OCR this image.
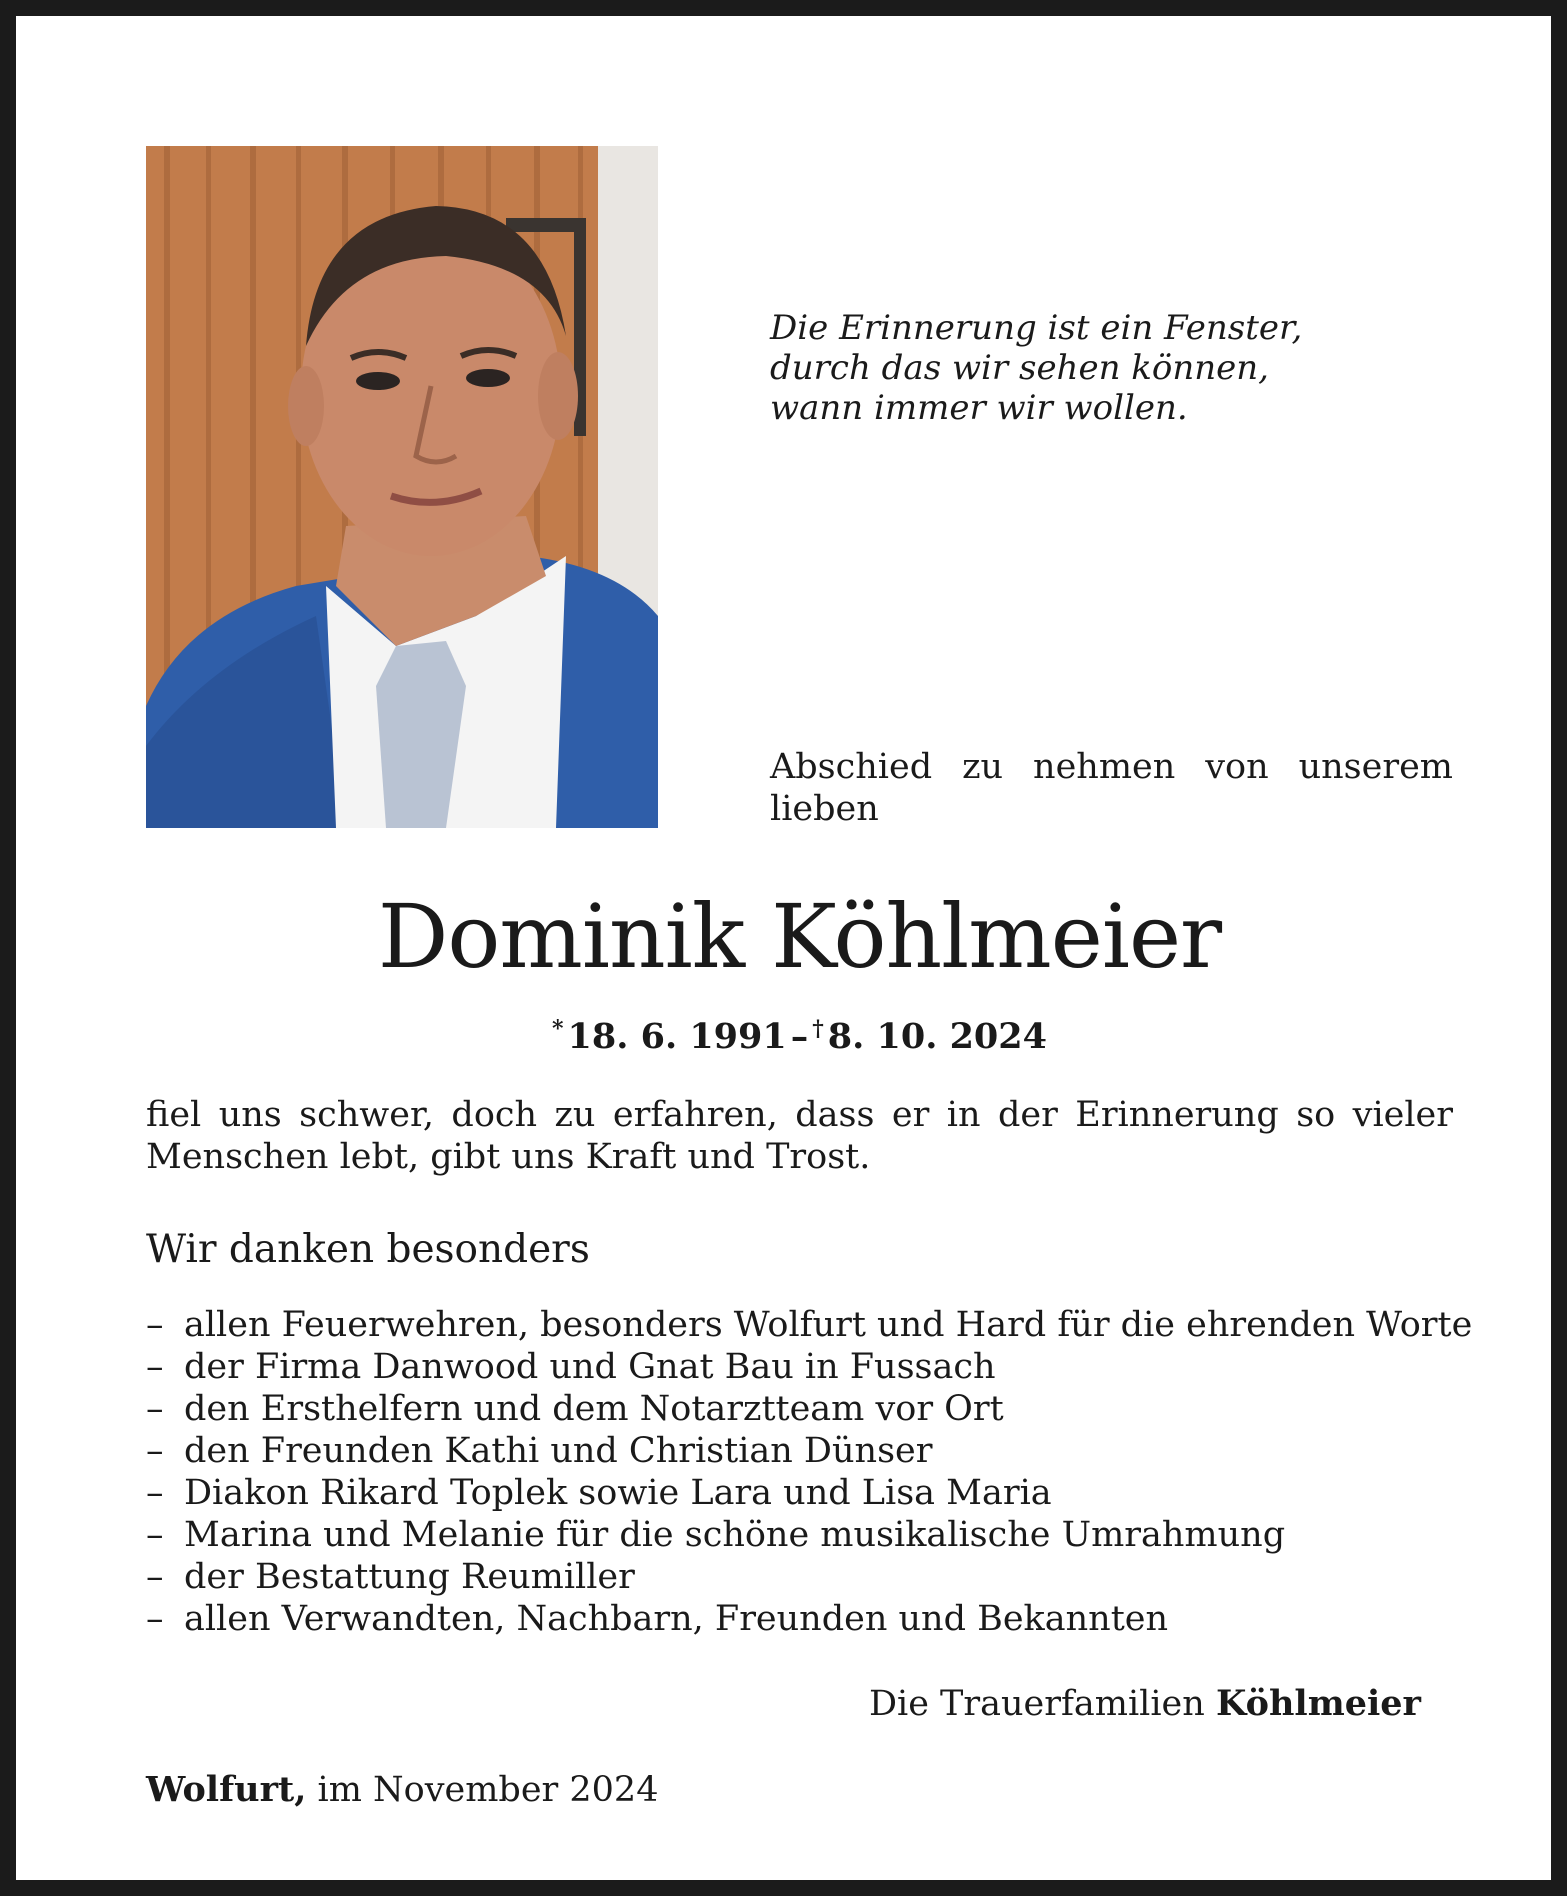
Die Erinnerung ist ein Fenster,
durch das wir sehen können,
wann immer wir wollen.
Abschied zu nehmen von unserem lieben
Dominik Köhlmeier
* 18. 6. 1991 – † 8. 10. 2024
fiel uns schwer, doch zu erfahren, dass er in der Erinnerung so vieler Menschen lebt, gibt uns Kraft und Trost.
Wir danken besonders
– allen Feuerwehren, besonders Wolfurt und Hard für die ehrenden Worte
– der Firma Danwood und Gnat Bau in Fussach
– den Ersthelfern und dem Notarztteam vor Ort
– den Freunden Kathi und Christian Dünser
– Diakon Rikard Toplek sowie Lara und Lisa Maria
– Marina und Melanie für die schöne musikalische Umrahmung
– der Bestattung Reumiller
– allen Verwandten, Nachbarn, Freunden und Bekannten
Die Trauerfamilien Köhlmeier
Wolfurt, im November 2024
